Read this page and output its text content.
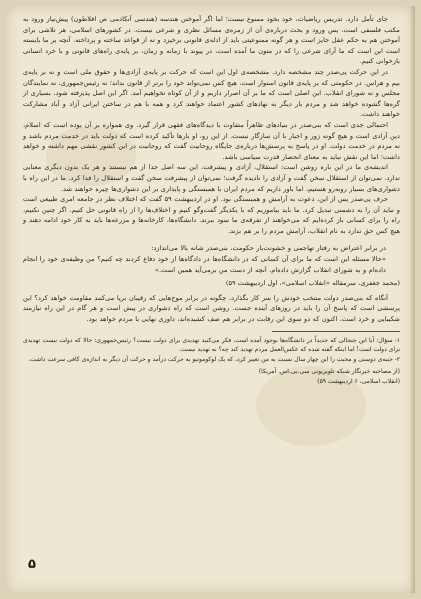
جای تأمل دارد. تدریس ریاضیات، خود بخود ممنوع نیست؛ اما اگر آموختن هندسه (هندسی آنکادمی ص افلاطون) پیش‌نیاز ورود به مکتب فلسفی است، پس ورود و بحث درباره‌ی آن از زمره‌ی مسائل نظری و شرعی نیست. در کشورهای اسلامی، هر تلاشی برای آموختن هم به حکم عقل جایز است و هر گونه ممنوعیتی باید از ادله‌ی قانونی برخیزد و نه از قواعد ساخته و پرداخته. آنچه بر ما بایسته است این است که ما آرای شرعی را که در متون ما آمده است، در پیوند با زمانه و زمان، بر پایه‌ی راه‌های قانونی و با خرد انسانی بازخوانی کنیم.

در این حرکت پی‌صدر چند مشخصه دارد. مشخصه‌ی اول این است که حرکت بر پایه‌ی آزادی‌ها و حقوق ملی است و نه بر پایه‌ی بیم و هراس. در حکومتی که بر پایه‌ی قانون استوار است، هیچ کس نمی‌تواند خود را برتر از قانون بداند؛ نه رئیس‌جمهوری، نه نمایندگان مجلس و نه شورای انقلاب. این اصلی است که ما بر آن اصرار داریم و از آن کوتاه نخواهیم آمد. اگر این اصل پذیرفته شود، بسیاری از گره‌ها گشوده خواهد شد و مردم بار دیگر به نهادهای کشور اعتماد خواهند کرد و همه با هم در ساختن ایرانی آزاد و آباد مشارکت خواهند داشت.

احتمالی جدی است که بنی‌صدر در بنیادهای ظاهراً متفاوت با دیدگاه‌های فقهی قرار گیرد. وی همواره بر آن بوده است که اسلام، دین آزادی است و هیچ گونه زور و اجبار با آن سازگار نیست. از این رو، او بارها تأکید کرده است که دولت باید در خدمت مردم باشد و نه مردم در خدمت دولت. او در پاسخ به پرسش‌ها درباره‌ی جایگاه روحانیت گفت که روحانیت در این کشور نقشی مهم داشته و خواهد داشت؛ اما این نقش نباید به معنای انحصار قدرت سیاسی باشد.

اندیشه‌ی ما در این باره روشن است: استقلال، آزادی و پیشرفت. این سه اصل جدا از هم نیستند و هر یک بدون دیگری معنایی ندارد. نمی‌توان از استقلال سخن گفت و آزادی را نادیده گرفت؛ نمی‌توان از پیشرفت سخن گفت و استقلال را فدا کرد. ما در این راه با دشواری‌های بسیار روبه‌رو هستیم، اما باور داریم که مردم ایران با همبستگی و پایداری بر این دشواری‌ها چیره خواهند شد.

حرف پی‌صدر پس از این، دعوت به آرامش و همبستگی بود. او در اردیبهشت ۵۹ گفت که اختلاف نظر در جامعه امری طبیعی است و نباید آن را به دشمنی تبدیل کرد. ما باید بیاموزیم که با یکدیگر گفت‌وگو کنیم و اختلاف‌ها را از راه قانونی حل کنیم. اگر چنین نکنیم، راه را برای کسانی باز کرده‌ایم که می‌خواهند از تفرقه‌ی ما سود ببرند. دانشگاه‌ها، کارخانه‌ها و مزرعه‌ها باید به کار خود ادامه دهند و هیچ کس حق ندارد به نام انقلاب، آرامش مردم را بر هم بزند.

در برابر اعتراض به رفتار تهاجمی و خشونت‌بار حکومت، بنی‌صدر شانه بالا می‌اندازد:

«حالا مسئله این است که ما برای آن کسانی که در دانشگاه‌ها در دادگاه‌ها از خود دفاع کردند چه کنیم؟ من وظیفه‌ی خود را انجام داده‌ام و به شورای انقلاب گزارش داده‌ام. آنچه از دست من برمی‌آید همین است.»

(محمد جعفری، سرمقاله «انقلاب اسلامی»، اول اردیبهشت ۵۹)

آنگاه که بنی‌صدر دولت منتخب خودش را سر کار بگذارد، چگونه در برابر موج‌هایی که رقیبان برپا می‌کنند مقاومت خواهد کرد؟ این پرسشی است که پاسخ آن را باید در روزهای آینده جست. روشن است که راه دشواری در پیش است و هر گام در این راه نیازمند شکیبایی و خرد است. اکنون که دو سوی این رقابت در برابر هم صف کشیده‌اند، داوری نهایی با مردم خواهد بود.

۱- سؤال: آیا این جنجالی که جدیداً در دانشگاه‌ها بوجود آمده است، فکر می‌کنید تهدیدی برای دولت نیست؟ رئیس‌جمهوری: حالا که دولت نیست تهدیدی برای دولت است! اما اینکه گفته شده که عکس‌العمل مردم تهدید کند چه؟ نه تهدید نیست.

۲- جنبه‌ی دوستی و محبت را این چهار سال نسبت به من تغییر کرد، که یک لوکوموتیو به حرکت درآمد و حرکت آن دیگر به اندازه‌ی کافی سرعت داشت.

(از مصاحبه خبرنگار شبکه تلویزیونی سی.بی.اس. آمریکا)

(انقلاب اسلامی، ۶ اردیبهشت ۵۹)

۵
